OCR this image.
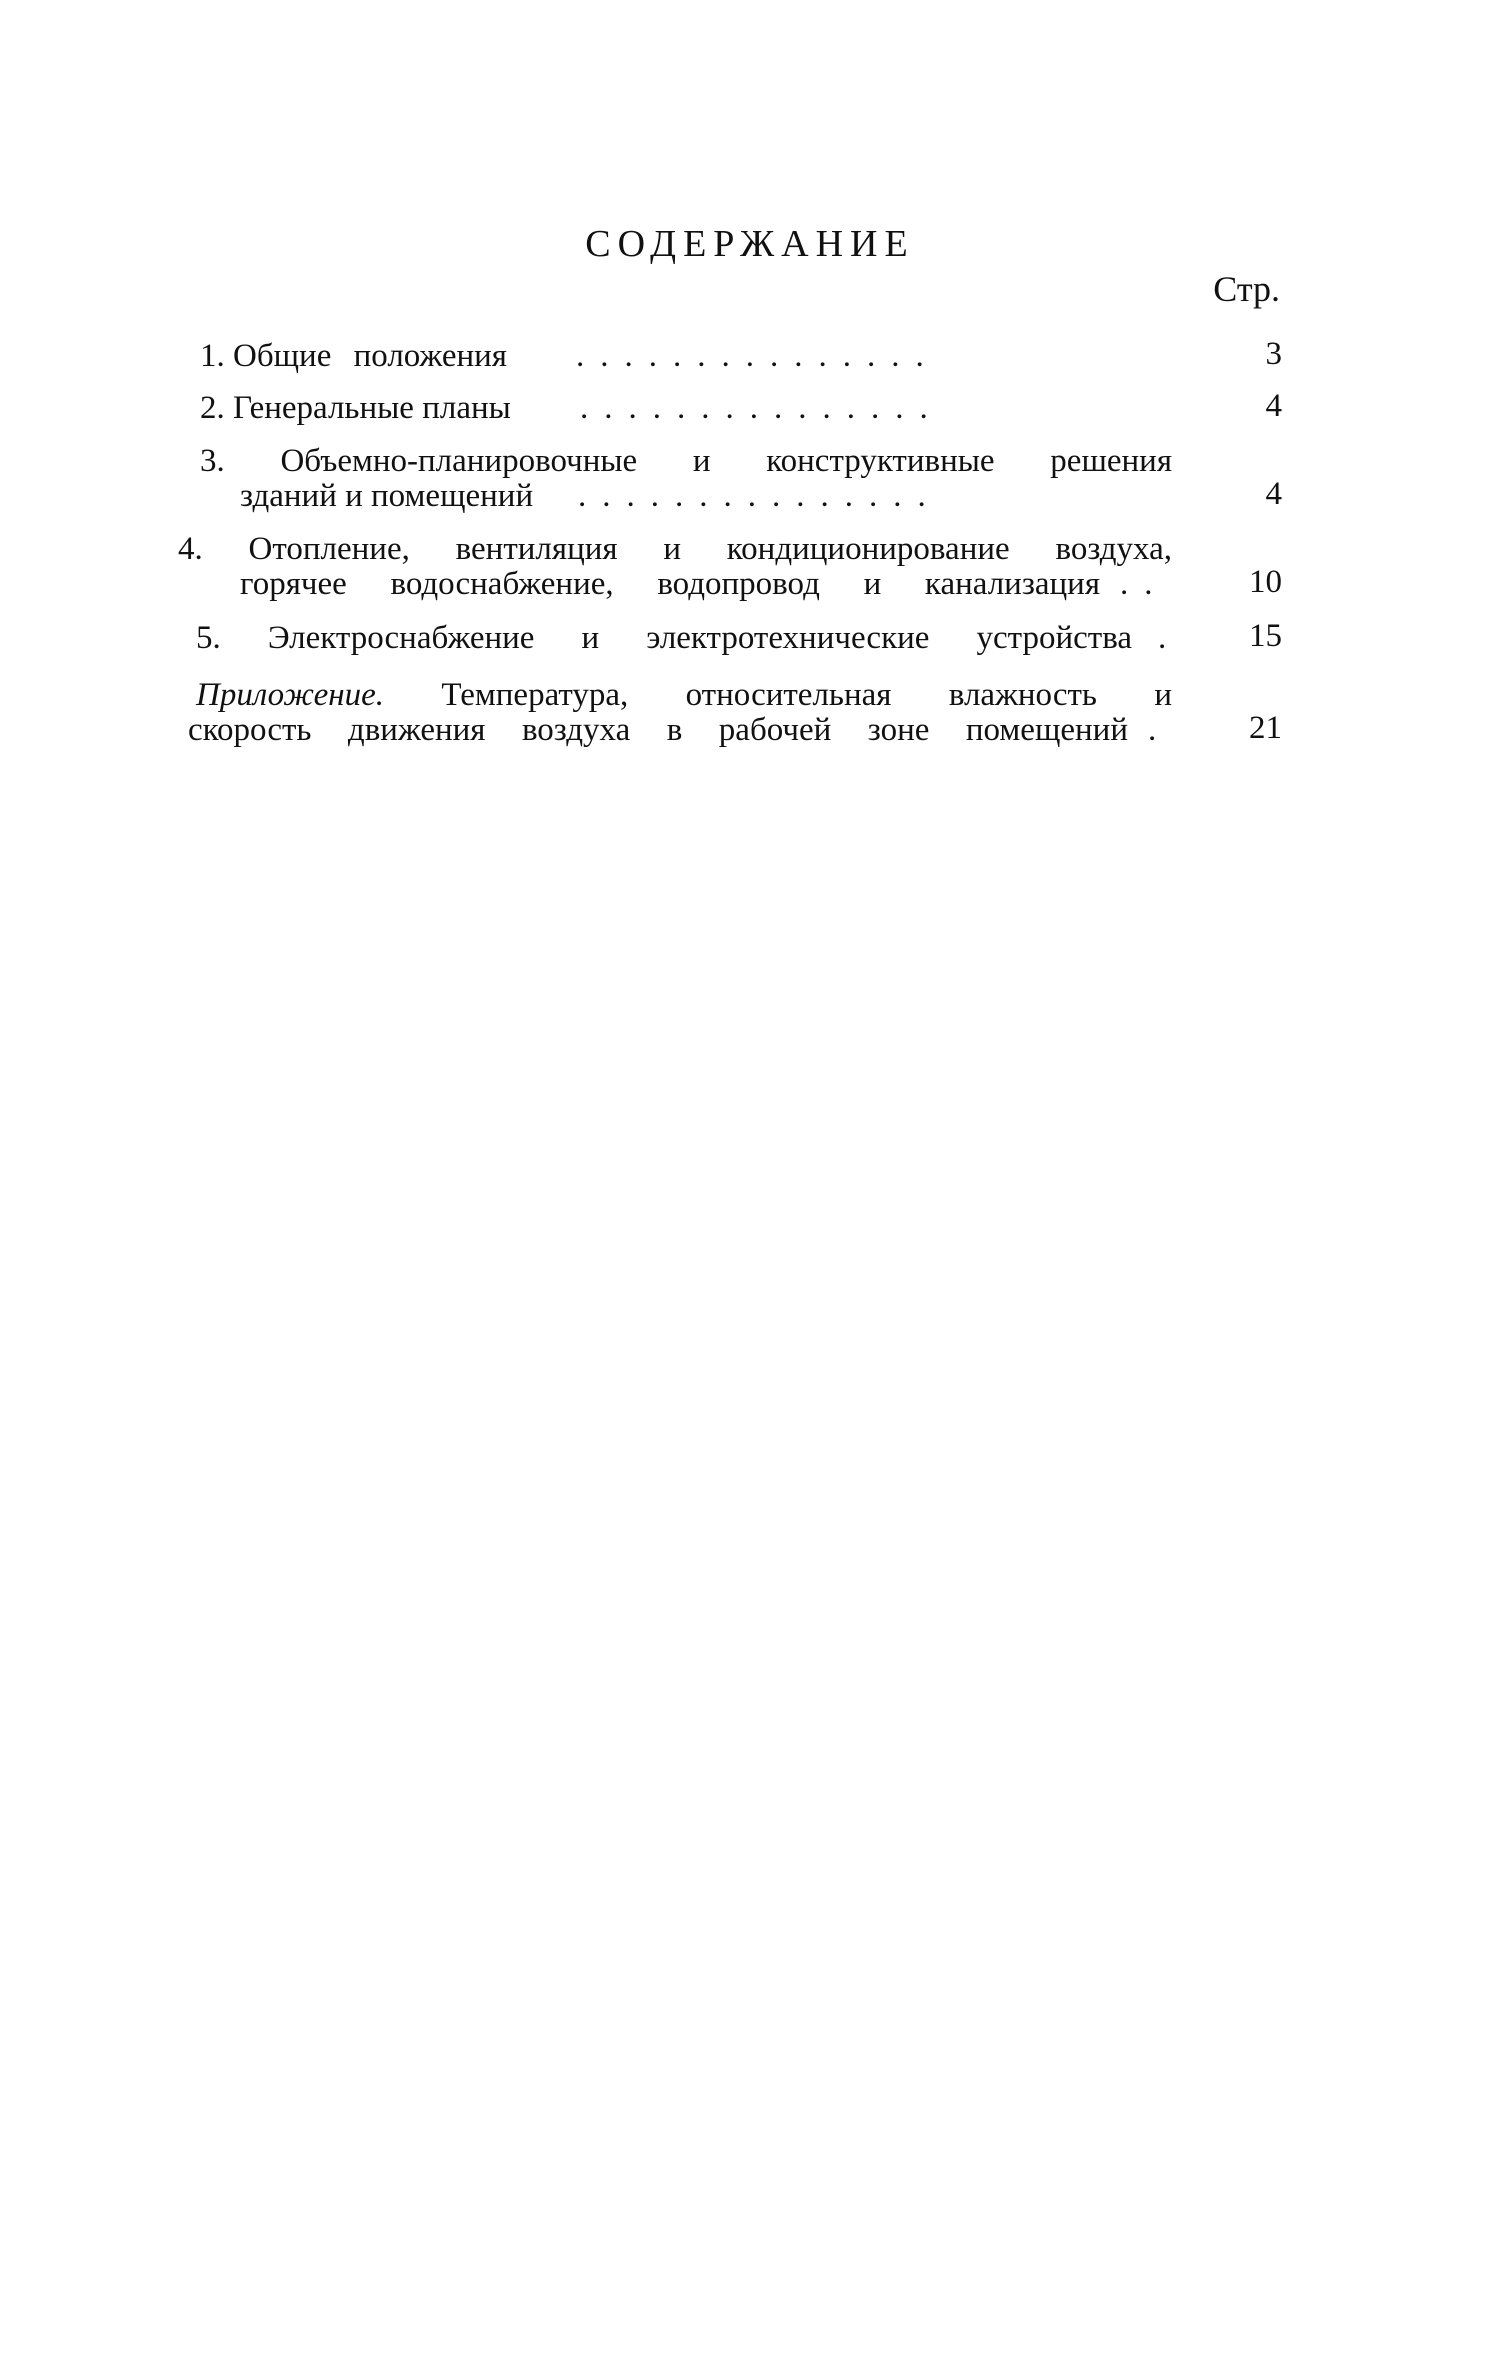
СОДЕРЖАНИЕ
Стр.
1. Общие положения ...............	3
2. Генеральные планы ...............	4
3. Объемно-планировочные и конструктивные решения
зданий и помещений ...............	4
4. Отопление, вентиляция и кондиционирование воздуха,
горячее водоснабжение, водопровод и канализация ..	10
5. Электроснабжение и электротехнические устройства .	15
Приложение. Температура, относительная влажность и
скорость движения воздуха в рабочей зоне помещений .	21
